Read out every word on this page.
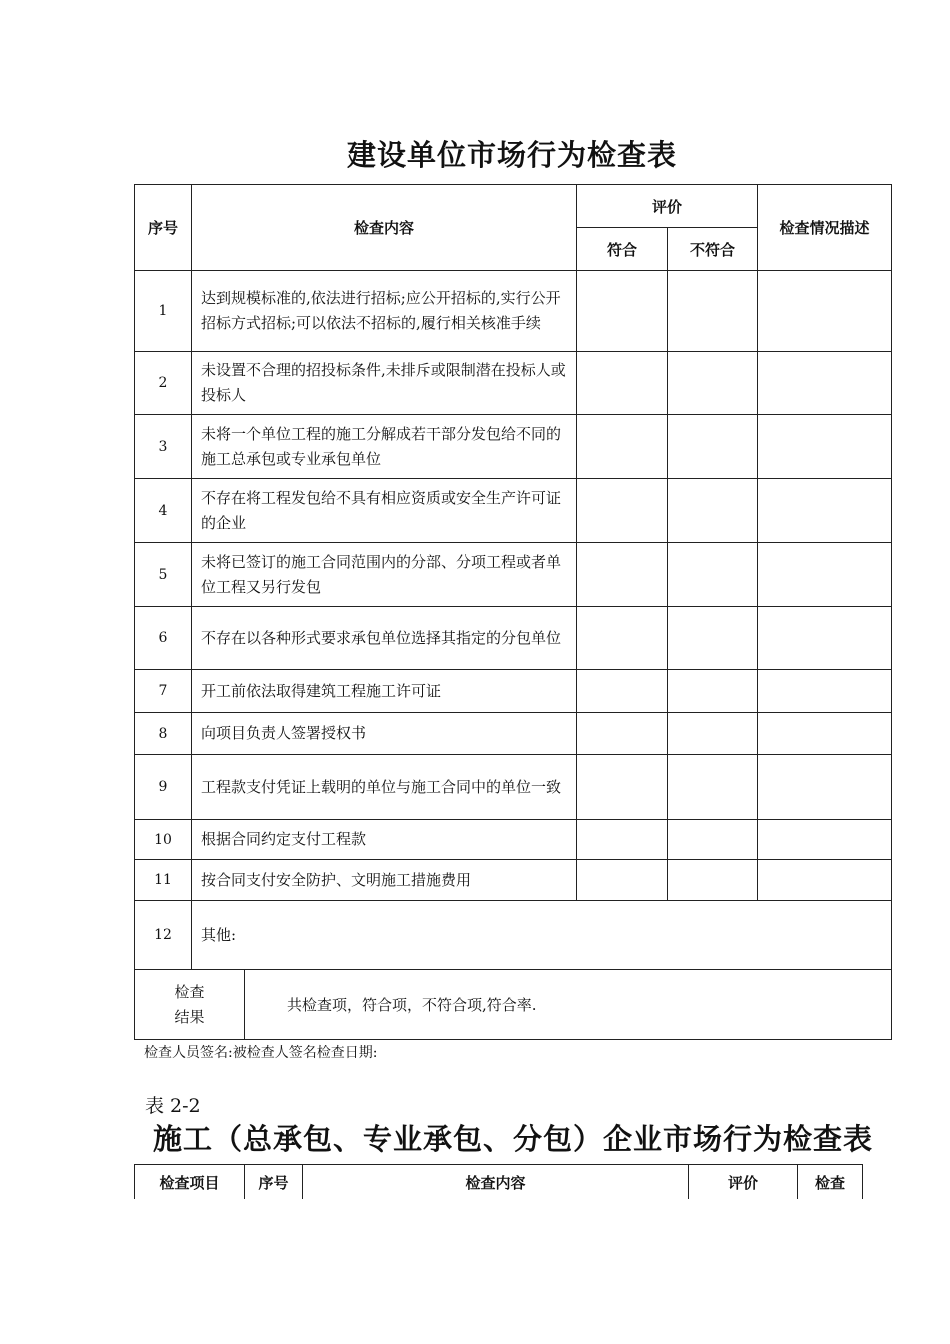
建设单位市场行为检查表
序号	检查内容	评价		检查情况描述
		符合	不符合	
1	达到规模标准的,依法进行招标;应公开招标的,实行公开招标方式招标;可以依法不招标的,履行相关核准手续			
2	未设置不合理的招投标条件,未排斥或限制潜在投标人或投标人			
3	未将一个单位工程的施工分解成若干部分发包给不同的施工总承包或专业承包单位			
4	不存在将工程发包给不具有相应资质或安全生产许可证的企业			
5	未将已签订的施工合同范围内的分部、分项工程或者单位工程又另行发包			
6	不存在以各种形式要求承包单位选择其指定的分包单位			
7	开工前依法取得建筑工程施工许可证			
8	向项目负责人签署授权书			
9	工程款支付凭证上载明的单位与施工合同中的单位一致			
10	根据合同约定支付工程款			
11	按合同支付安全防护、文明施工措施费用			
12	其他:			
检查
结果
	共检查项，符合项，不符合项,符合率.
检查人员签名:被检查人签名检查日期:
表 2-2
施工（总承包、专业承包、分包）企业市场行为检查表
检查项目	序号	检查内容	评价	检查
